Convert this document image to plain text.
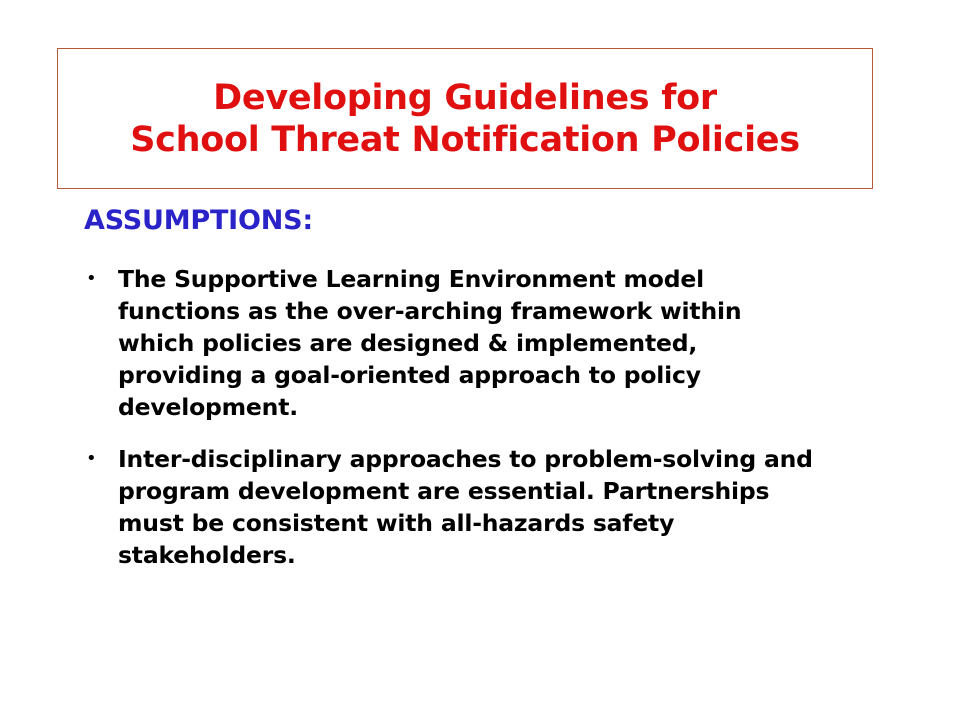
Developing Guidelines for
School Threat Notification Policies
ASSUMPTIONS:
• The Supportive Learning Environment model functions as the over-arching framework within which policies are designed & implemented, providing a goal-oriented approach to policy development.
• Inter-disciplinary approaches to problem-solving and program development are essential. Partnerships must be consistent with all-hazards safety stakeholders.
